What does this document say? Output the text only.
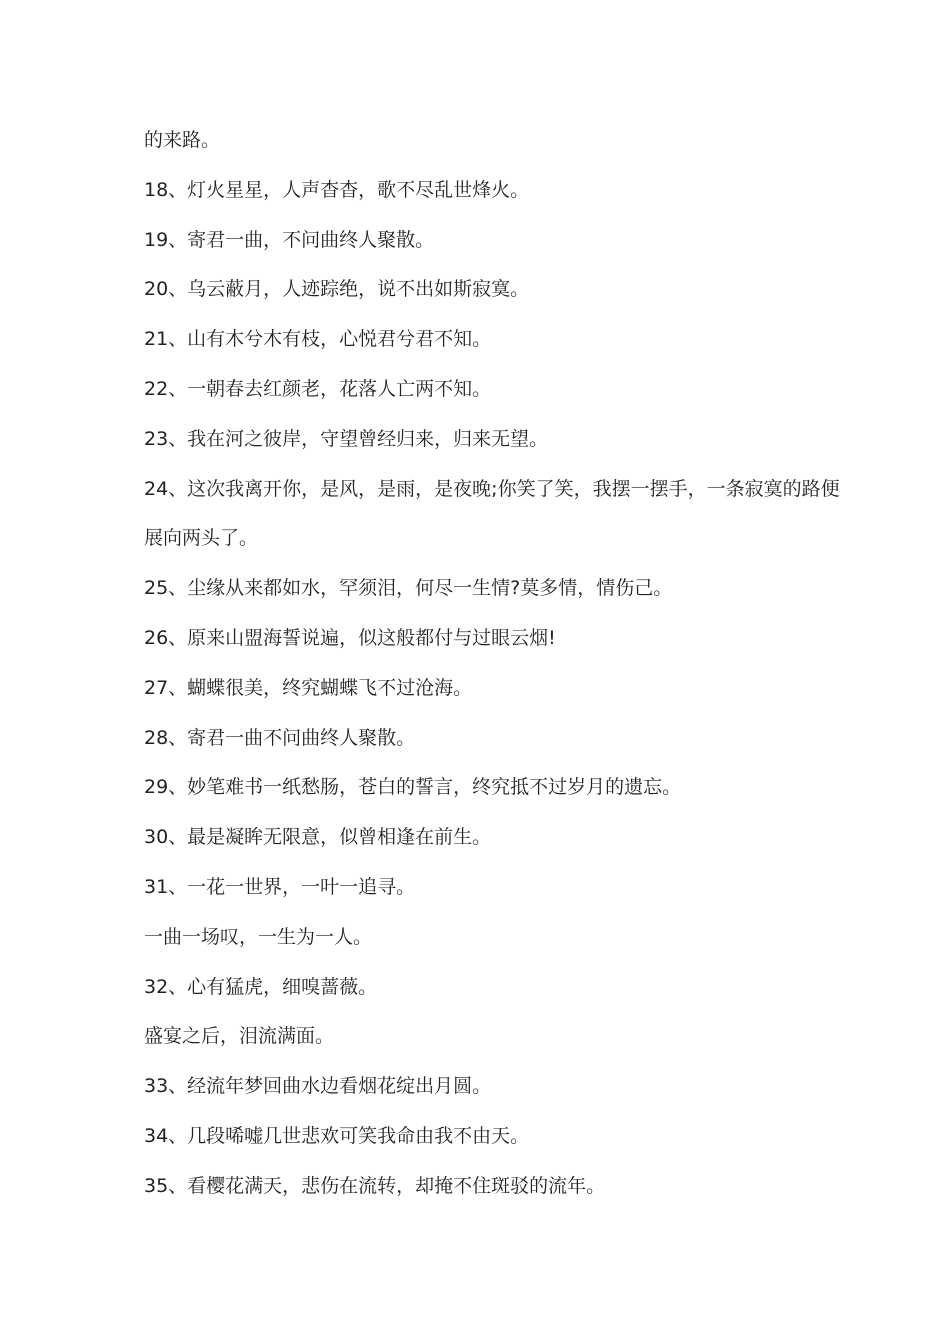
的来路。

18、灯火星星，人声杳杳，歌不尽乱世烽火。

19、寄君一曲，不问曲终人聚散。

20、乌云蔽月，人迹踪绝，说不出如斯寂寞。

21、山有木兮木有枝，心悦君兮君不知。

22、一朝春去红颜老，花落人亡两不知。

23、我在河之彼岸，守望曾经归来，归来无望。

24、这次我离开你，是风，是雨，是夜晚;你笑了笑，我摆一摆手，一条寂寞的路便

展向两头了。

25、尘缘从来都如水，罕须泪，何尽一生情?莫多情，情伤己。

26、原来山盟海誓说遍，似这般都付与过眼云烟!

27、蝴蝶很美，终究蝴蝶飞不过沧海。

28、寄君一曲不问曲终人聚散。

29、妙笔难书一纸愁肠，苍白的誓言，终究抵不过岁月的遗忘。

30、最是凝眸无限意，似曾相逢在前生。

31、一花一世界，一叶一追寻。

一曲一场叹，一生为一人。

32、心有猛虎，细嗅蔷薇。

盛宴之后，泪流满面。

33、经流年梦回曲水边看烟花绽出月圆。

34、几段唏嘘几世悲欢可笑我命由我不由天。

35、看樱花满天，悲伤在流转，却掩不住斑驳的流年。
